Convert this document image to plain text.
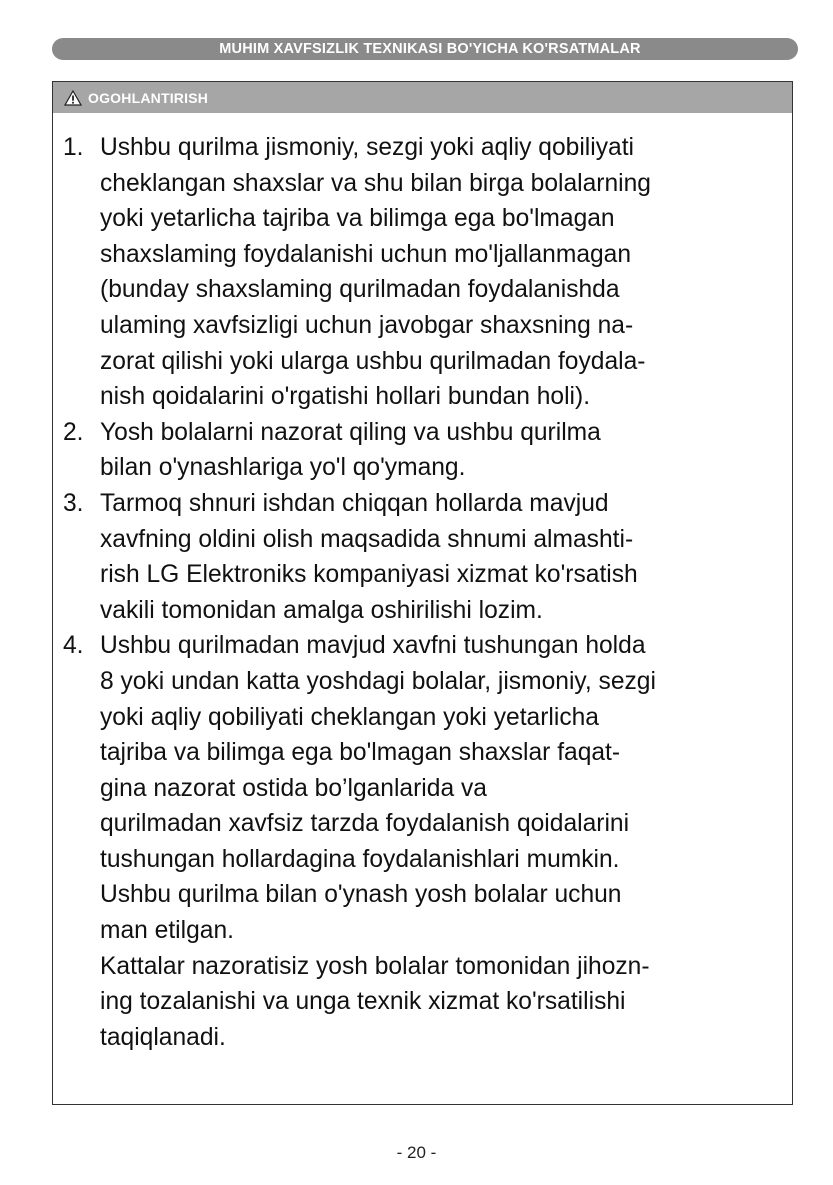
MUHIM XAVFSIZLIK TEXNIKASI BO'YICHA KO'RSATMALAR
OGOHLANTIRISH
1. Ushbu qurilma jismoniy, sezgi yoki aqliy qobiliyati
cheklangan shaxslar va shu bilan birga bolalarning
yoki yetarlicha tajriba va bilimga ega bo'lmagan
shaxslaming foydalanishi uchun mo'ljallanmagan
(bunday shaxslaming qurilmadan foydalanishda
ulaming xavfsizligi uchun javobgar shaxsning na-
zorat qilishi yoki ularga ushbu qurilmadan foydala-
nish qoidalarini o'rgatishi hollari bundan holi).
2. Yosh bolalarni nazorat qiling va ushbu qurilma
bilan o'ynashlariga yo'l qo'ymang.
3. Tarmoq shnuri ishdan chiqqan hollarda mavjud
xavfning oldini olish maqsadida shnumi almashti-
rish LG Elektroniks kompaniyasi xizmat ko'rsatish
vakili tomonidan amalga oshirilishi lozim.
4. Ushbu qurilmadan mavjud xavfni tushungan holda
8 yoki undan katta yoshdagi bolalar, jismoniy, sezgi
yoki aqliy qobiliyati cheklangan yoki yetarlicha
tajriba va bilimga ega bo'lmagan shaxslar faqat-
gina nazorat ostida bo’lganlarida va
qurilmadan xavfsiz tarzda foydalanish qoidalarini
tushungan hollardagina foydalanishlari mumkin.
Ushbu qurilma bilan o'ynash yosh bolalar uchun
man etilgan.
Kattalar nazoratisiz yosh bolalar tomonidan jihozn-
ing tozalanishi va unga texnik xizmat ko'rsatilishi
taqiqlanadi.
- 20 -
